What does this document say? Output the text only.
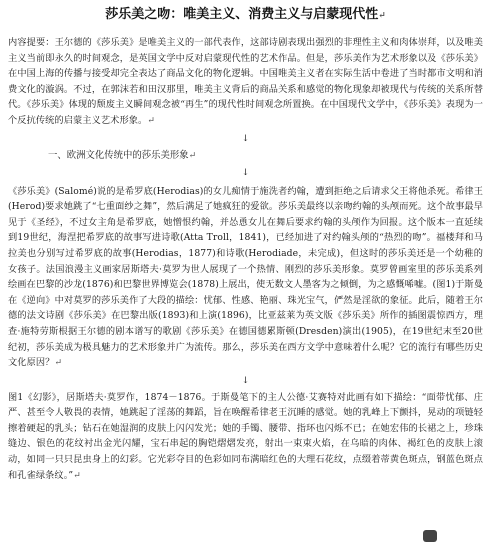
莎乐美之吻：唯美主义、消费主义与启蒙现代性↵

内容提要：王尔德的《莎乐美》是唯美主义的一部代表作，这部诗剧表现出强烈的非理性主义和肉体崇拜，以及唯美主义当前即永久的时间观念，是英国文学中反对启蒙现代性的艺术作品。但是，莎乐美作为艺术形象以及《莎乐美》在中国上海的传播与接受却完全表达了商品文化的物化逻辑。中国唯美主义者在实际生活中卷进了当时都市文明和消费文化的漩涡。不过，在郭沫若和田汉那里，唯美主义背后的商品关系和感觉的物化现象却被现代与传统的关系所替代。《莎乐美》体现的颓废主义瞬间观念被“再生”的现代性时间观念所置换。在中国现代文学中，《莎乐美》表现为一个反抗传统的启蒙主义艺术形象。↵

↓
一、欧洲文化传统中的莎乐美形象↵
↓

《莎乐美》(Salomé)说的是希罗底(Herodias)的女儿痴情于施洗者约翰，遭到拒绝之后请求父王将他杀死。希律王(Herod)要求她跳了“七重面纱之舞”，然后满足了她疯狂的爱欲。莎乐美最终以亲吻约翰的头颅而死。这个故事最早见于《圣经》，不过女主角是希罗底，她憎恨约翰，并怂恿女儿在舞后要求约翰的头颅作为回报。这个版本一直延续到19世纪，海涅把希罗底的故事写进诗歌(Atta Troll，1841)，已经加进了对约翰头颅的“热烈的吻”。福楼拜和马拉美也分别写过希罗底的故事(Herodias，1877)和诗歌(Herodiade，未完成)，但这时的莎乐美还是一个幼稚的女孩子。法国浪漫主义画家居斯塔夫·莫罗为世人展现了一个热情、刚烈的莎乐美形象。莫罗曾画室里的莎乐美系列绘画在巴黎的沙龙(1876)和巴黎世界博览会(1878)上展出，使无数文人墨客为之倾倒，为之感慨唏嘘。(图1)于斯曼在《逆向》中对莫罗的莎乐美作了大段的描绘：忧郁、性感、艳丽、珠光宝气，俨然是淫欲的象征。此后，随着王尔德的法文诗剧《莎乐美》在巴黎出版(1893)和上演(1896)，比亚兹莱为英文版《莎乐美》所作的插图震惊西方，理查·施特劳斯根据王尔德的剧本谱写的歌剧《莎乐美》在德国德累斯顿(Dresden)演出(1905)，在19世纪末至20世纪初，莎乐美成为极具魅力的艺术形象并广为流传。那么，莎乐美在西方文学中意味着什么呢？它的流行有哪些历史文化原因？↵

↓

图1《幻影》，居斯塔夫·莫罗作，1874－1876。于斯曼笔下的主人公德·艾赛特对此画有如下描绘：“面带忧郁、庄严、甚至令人敬畏的表情，她跳起了淫荡的舞蹈，旨在唤醒希律老王沉睡的感觉。她的乳峰上下颤抖，晃动的项链轻擦着硬起的乳头；钻石在她湿润的皮肤上闪闪发光；她的手镯、腰带、指环也闪烁不已；在她宏伟的长裙之上，珍珠缝边、银色的花纹衬出金光闪耀，宝石串起的胸铠熠熠发亮，射出一束束火焰，在乌暗的肉体、褐红色的皮肤上滚动，如同一只只昆虫身上的幻彩。它光彩夺目的色彩如同布满暗红色的大理石花纹，点缀着蒂黄色斑点，钢蓝色斑点和孔雀绿条纹。”↵
